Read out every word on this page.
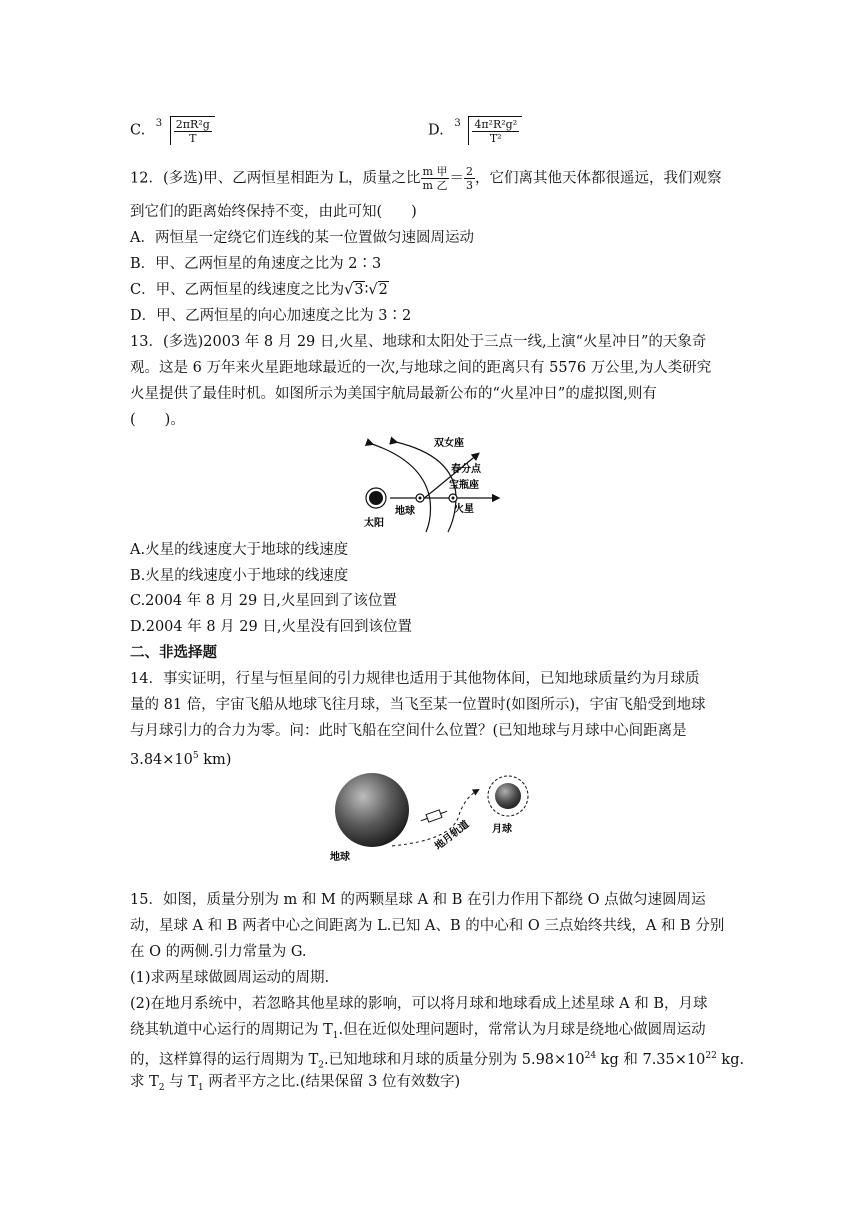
C. $3 \frac{\text{2πR²g}}{T}$	D. $3 \frac{\text{4π²R²g²}}{\text{T²}}$
12．(多选)甲、乙两恒星相距为 L，质量之比 $\frac{\text{m 甲}}{\text{m 乙}} = \frac{2}{3}$ ，它们离其他天体都很遥远，我们观察
到它们的距离始终保持不变，由此可知(　　)
A．两恒星一定绕它们连线的某一位置做匀速圆周运动
B．甲、乙两恒星的角速度之比为 2∶3
C．甲、乙两恒星的线速度之比为√3∶√2
D．甲、乙两恒星的向心加速度之比为 3∶2
13．(多选)2003 年 8 月 29 日,火星、地球和太阳处于三点一线,上演“火星冲日”的天象奇
观。这是 6 万年来火星距地球最近的一次,与地球之间的距离只有 5576 万公里,为人类研究
火星提供了最佳时机。如图所示为美国宇航局最新公布的“火星冲日”的虚拟图,则有
(　　)。
双女座
春分点
宝瓶座
地球	火星
太阳
A.火星的线速度大于地球的线速度
B.火星的线速度小于地球的线速度
C.2004 年 8 月 29 日,火星回到了该位置
D.2004 年 8 月 29 日,火星没有回到该位置
二、非选择题
14．事实证明，行星与恒星间的引力规律也适用于其他物体间，已知地球质量约为月球质
量的 81 倍，宇宙飞船从地球飞往月球，当飞至某一位置时(如图所示)，宇宙飞船受到地球
与月球引力的合力为零。问：此时飞船在空间什么位置？(已知地球与月球中心间距离是
$3.84\times 10^5$ km)
地球
地月轨道 月球
15．如图，质量分别为 m 和 M 的两颗星球 A 和 B 在引力作用下都绕 O 点做匀速圆周运
动，星球 A 和 B 两者中心之间距离为 L.已知 A、B 的中心和 O 三点始终共线，A 和 B 分别
在 O 的两侧.引力常量为 G.
(1)求两星球做圆周运动的周期.
(2)在地月系统中，若忽略其他星球的影响，可以将月球和地球看成上述星球 A 和 B，月球
绕其轨道中心运行的周期记为 $T_1$.但在近似处理问题时，常常认为月球是绕地心做圆周运动
的，这样算得的运行周期为 $T_2$.已知地球和月球的质量分别为 $5.98\times 10^{24}$ kg 和 $7.35\times 10^{22}$ kg.
求 $T_2$ 与 $T_1$ 两者平方之比.(结果保留 3 位有效数字)
